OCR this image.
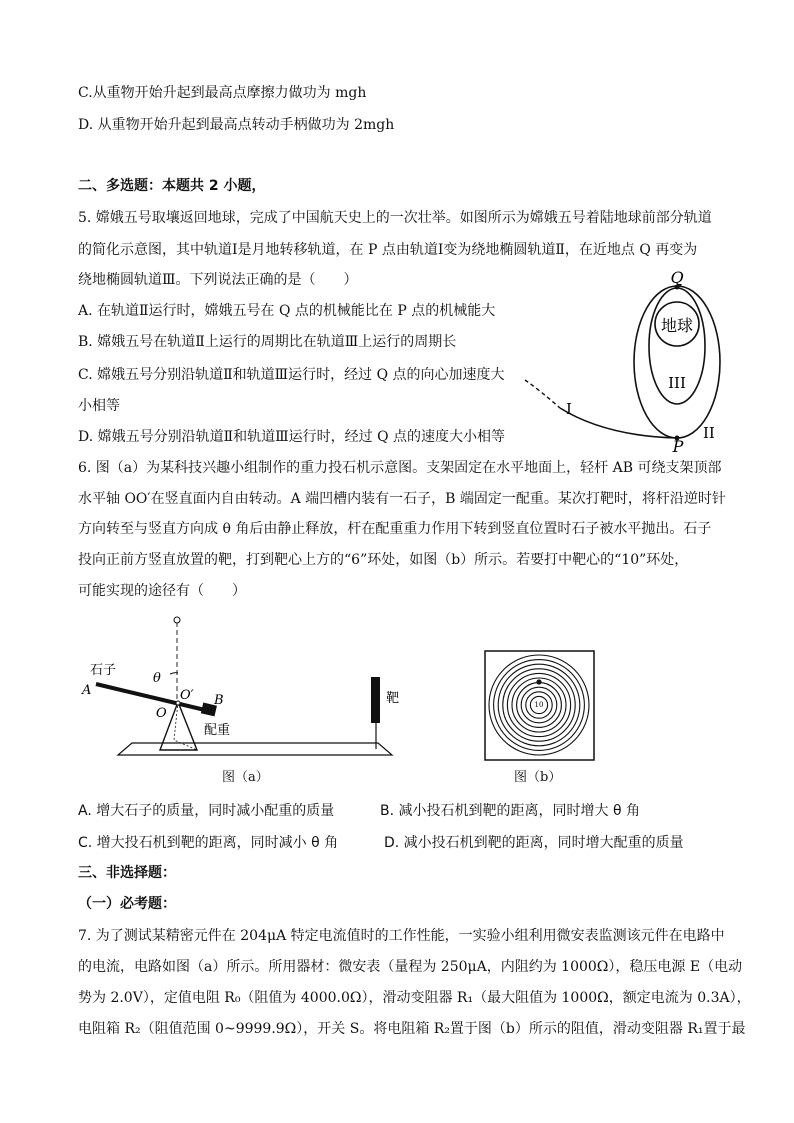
C.从重物开始升起到最高点摩擦力做功为 mgh
D. 从重物开始升起到最高点转动手柄做功为 2mgh
二、多选题：本题共 2 小题，
5. 嫦娥五号取壤返回地球，完成了中国航天史上的一次壮举。如图所示为嫦娥五号着陆地球前部分轨道
的简化示意图，其中轨道Ⅰ是月地转移轨道，在 P 点由轨道Ⅰ变为绕地椭圆轨道Ⅱ，在近地点 Q 再变为
绕地椭圆轨道Ⅲ。下列说法正确的是（　　）
A. 在轨道Ⅱ运行时，嫦娥五号在 Q 点的机械能比在 P 点的机械能大
B. 嫦娥五号在轨道Ⅱ上运行的周期比在轨道Ⅲ上运行的周期长
C. 嫦娥五号分别沿轨道Ⅱ和轨道Ⅲ运行时，经过 Q 点的向心加速度大
小相等
D. 嫦娥五号分别沿轨道Ⅱ和轨道Ⅲ运行时，经过 Q 点的速度大小相等
地球
Q
P
I
II
III
6. 图（a）为某科技兴趣小组制作的重力投石机示意图。支架固定在水平地面上，轻杆 AB 可绕支架顶部
水平轴 OO′在竖直面内自由转动。A 端凹槽内装有一石子，B 端固定一配重。某次打靶时，将杆沿逆时针
方向转至与竖直方向成 θ 角后由静止释放，杆在配重重力作用下转到竖直位置时石子被水平抛出。石子
投向正前方竖直放置的靶，打到靶心上方的“6”环处，如图（b）所示。若要打中靶心的“10”环处，
可能实现的途径有（　　）
石子
A
θ
O′
O
B
配重
靶
图（a）
10
图（b）
A. 增大石子的质量，同时减小配重的质量	B. 减小投石机到靶的距离，同时增大 θ 角
C. 增大投石机到靶的距离，同时减小 θ 角	D. 减小投石机到靶的距离，同时增大配重的质量
三、非选择题：
（一）必考题：
7. 为了测试某精密元件在 204μA 特定电流值时的工作性能，一实验小组利用微安表监测该元件在电路中
的电流，电路如图（a）所示。所用器材：微安表（量程为 250μA，内阻约为 1000Ω），稳压电源 E（电动
势为 2.0V），定值电阻 R₀（阻值为 4000.0Ω），滑动变阻器 R₁（最大阻值为 1000Ω，额定电流为 0.3A），
电阻箱 R₂（阻值范围 0~9999.9Ω），开关 S。将电阻箱 R₂置于图（b）所示的阻值，滑动变阻器 R₁置于最
